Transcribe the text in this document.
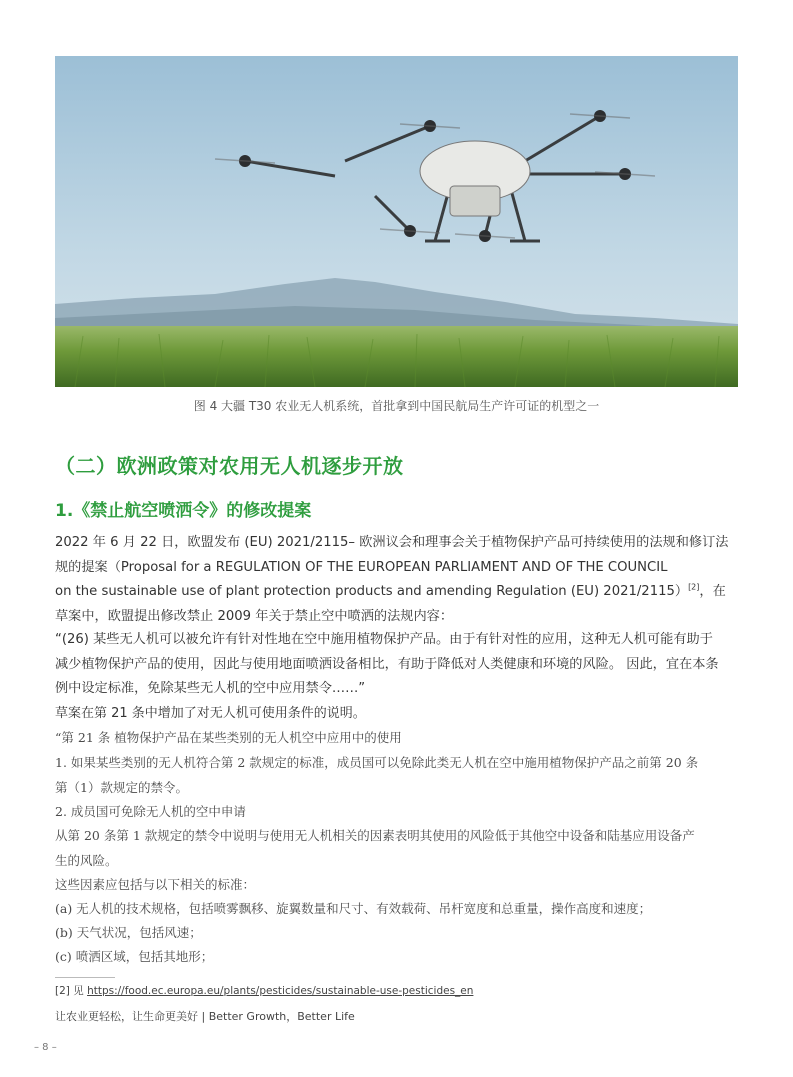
图 4 大疆 T30 农业无人机系统，首批拿到中国民航局生产许可证的机型之一
（二）欧洲政策对农用无人机逐步开放
1.《禁止航空喷洒令》的修改提案
2022 年 6 月 22 日，欧盟发布 (EU) 2021/2115– 欧洲议会和理事会关于植物保护产品可持续使用的法规和修订法
规的提案（Proposal for a REGULATION OF THE EUROPEAN PARLIAMENT AND OF THE COUNCIL
on the sustainable use of plant protection products and amending Regulation (EU) 2021/2115）[2]，在
草案中，欧盟提出修改禁止 2009 年关于禁止空中喷洒的法规内容：
“(26) 某些无人机可以被允许有针对性地在空中施用植物保护产品。由于有针对性的应用，这种无人机可能有助于
减少植物保护产品的使用，因此与使用地面喷洒设备相比，有助于降低对人类健康和环境的风险。 因此，宜在本条
例中设定标准，免除某些无人机的空中应用禁令……”
草案在第 21 条中增加了对无人机可使用条件的说明。
“第 21 条 植物保护产品在某些类别的无人机空中应用中的使用
1. 如果某些类别的无人机符合第 2 款规定的标准，成员国可以免除此类无人机在空中施用植物保护产品之前第 20 条
第（1）款规定的禁令。
2. 成员国可免除无人机的空中申请
从第 20 条第 1 款规定的禁令中说明与使用无人机相关的因素表明其使用的风险低于其他空中设备和陆基应用设备产
生的风险。
这些因素应包括与以下相关的标准：
(a) 无人机的技术规格，包括喷雾飘移、旋翼数量和尺寸、有效载荷、吊杆宽度和总重量，操作高度和速度；
(b) 天气状况，包括风速；
(c) 喷洒区域，包括其地形；
[2] 见 https://food.ec.europa.eu/plants/pesticides/sustainable-use-pesticides_en
让农业更轻松，让生命更美好 | Better Growth，Better Life
– 8 –
